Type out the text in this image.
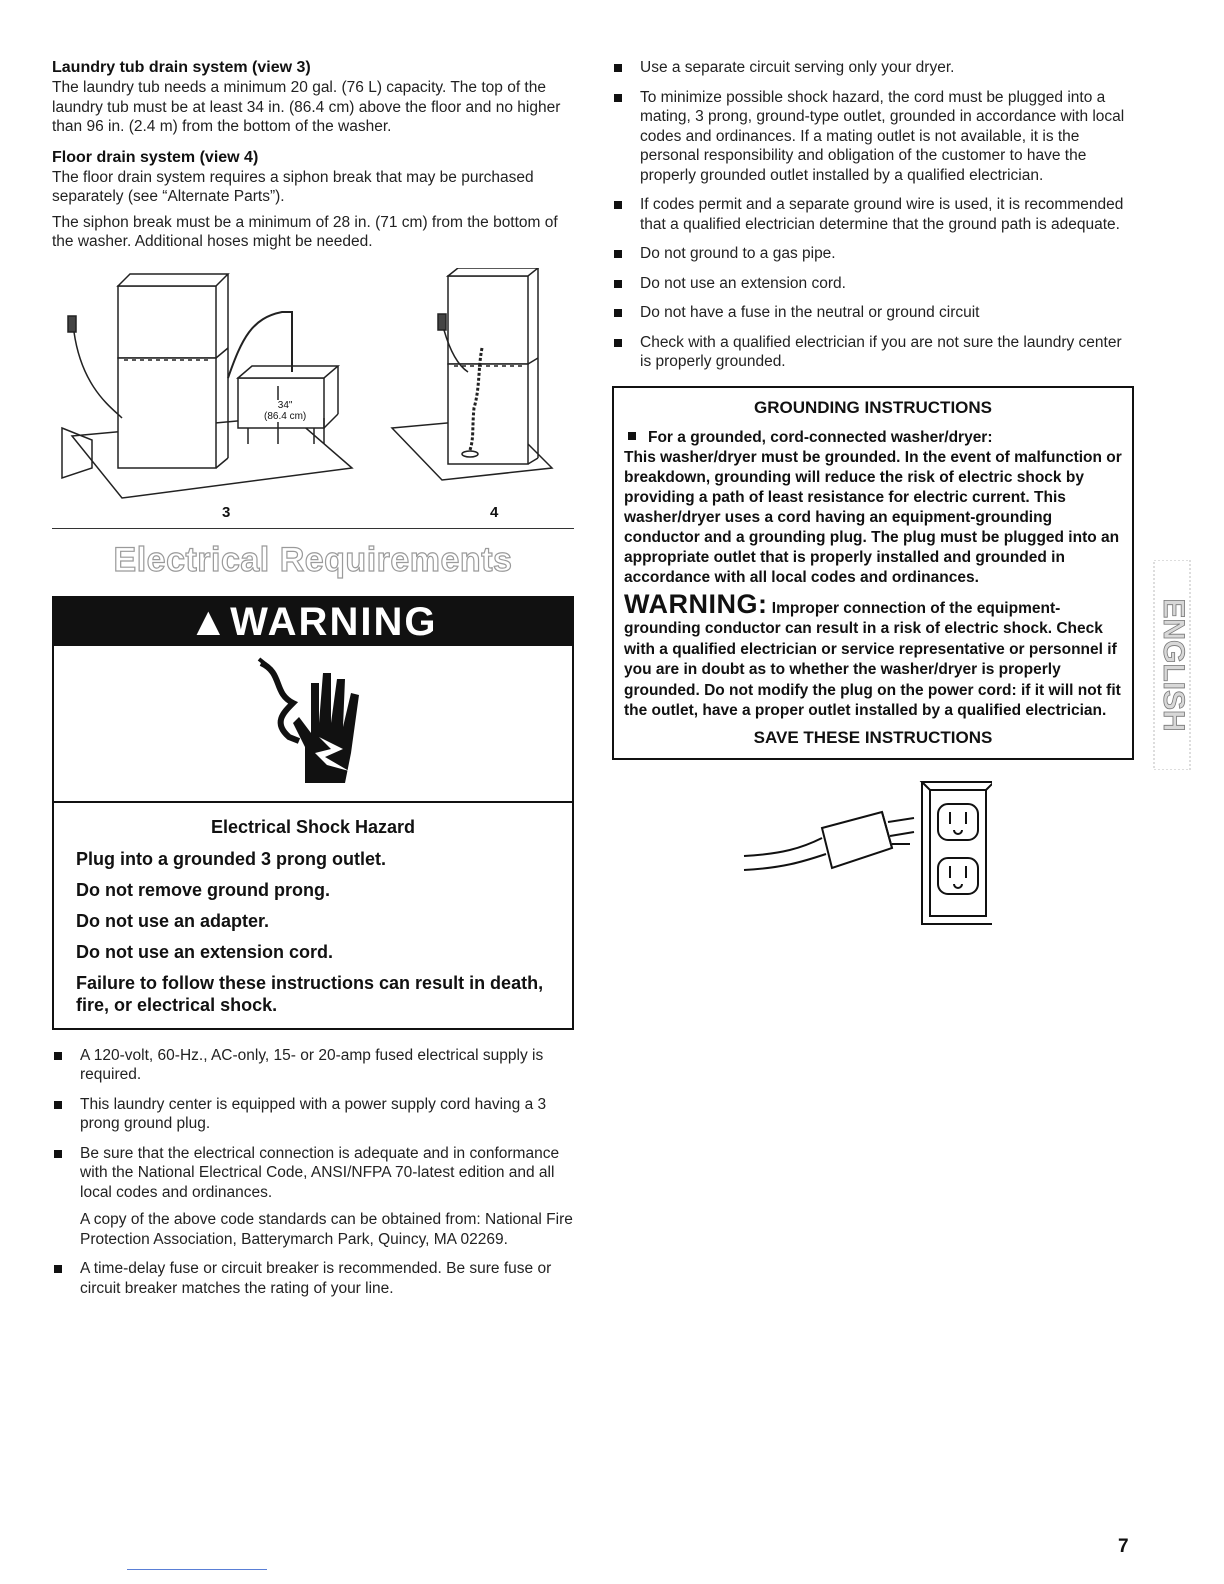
Laundry tub drain system (view 3)

The laundry tub needs a minimum 20 gal. (76 L) capacity. The top of the laundry tub must be at least 34 in. (86.4 cm) above the floor and no higher than 96 in. (2.4 m) from the bottom of the washer.

Floor drain system (view 4)

The floor drain system requires a siphon break that may be purchased separately (see “Alternate Parts”).

The siphon break must be a minimum of 28 in. (71 cm) from the bottom of the washer. Additional hoses might be needed.

34"
(86.4 cm)
3	4
Electrical Requirements
▲WARNING
Electrical Shock Hazard
Plug into a grounded 3 prong outlet.
Do not remove ground prong.
Do not use an adapter.
Do not use an extension cord.
Failure to follow these instructions can result in death, fire, or electrical shock.
A 120-volt, 60-Hz., AC-only, 15- or 20-amp fused electrical supply is required.
This laundry center is equipped with a power supply cord having a 3 prong ground plug.
Be sure that the electrical connection is adequate and in conformance with the National Electrical Code, ANSI/NFPA 70-latest edition and all local codes and ordinances.
A copy of the above code standards can be obtained from: National Fire Protection Association, Batterymarch Park, Quincy, MA 02269.
A time-delay fuse or circuit breaker is recommended. Be sure fuse or circuit breaker matches the rating of your line.
Use a separate circuit serving only your dryer.
To minimize possible shock hazard, the cord must be plugged into a mating, 3 prong, ground-type outlet, grounded in accordance with local codes and ordinances. If a mating outlet is not available, it is the personal responsibility and obligation of the customer to have the properly grounded outlet installed by a qualified electrician.
If codes permit and a separate ground wire is used, it is recommended that a qualified electrician determine that the ground path is adequate.
Do not ground to a gas pipe.
Do not use an extension cord.
Do not have a fuse in the neutral or ground circuit
Check with a qualified electrician if you are not sure the laundry center is properly grounded.
GROUNDING INSTRUCTIONS
For a grounded, cord-connected washer/dryer:
This washer/dryer must be grounded. In the event of malfunction or breakdown, grounding will reduce the risk of electric shock by providing a path of least resistance for electric current. This washer/dryer uses a cord having an equipment-grounding conductor and a grounding plug. The plug must be plugged into an appropriate outlet that is properly installed and grounded in accordance with all local codes and ordinances.
WARNING: Improper connection of the equipment-grounding conductor can result in a risk of electric shock. Check with a qualified electrician or service representative or personnel if you are in doubt as to whether the washer/dryer is properly grounded. Do not modify the plug on the power cord: if it will not fit the outlet, have a proper outlet installed by a qualified electrician.
SAVE THESE INSTRUCTIONS
ENGLISH
7
